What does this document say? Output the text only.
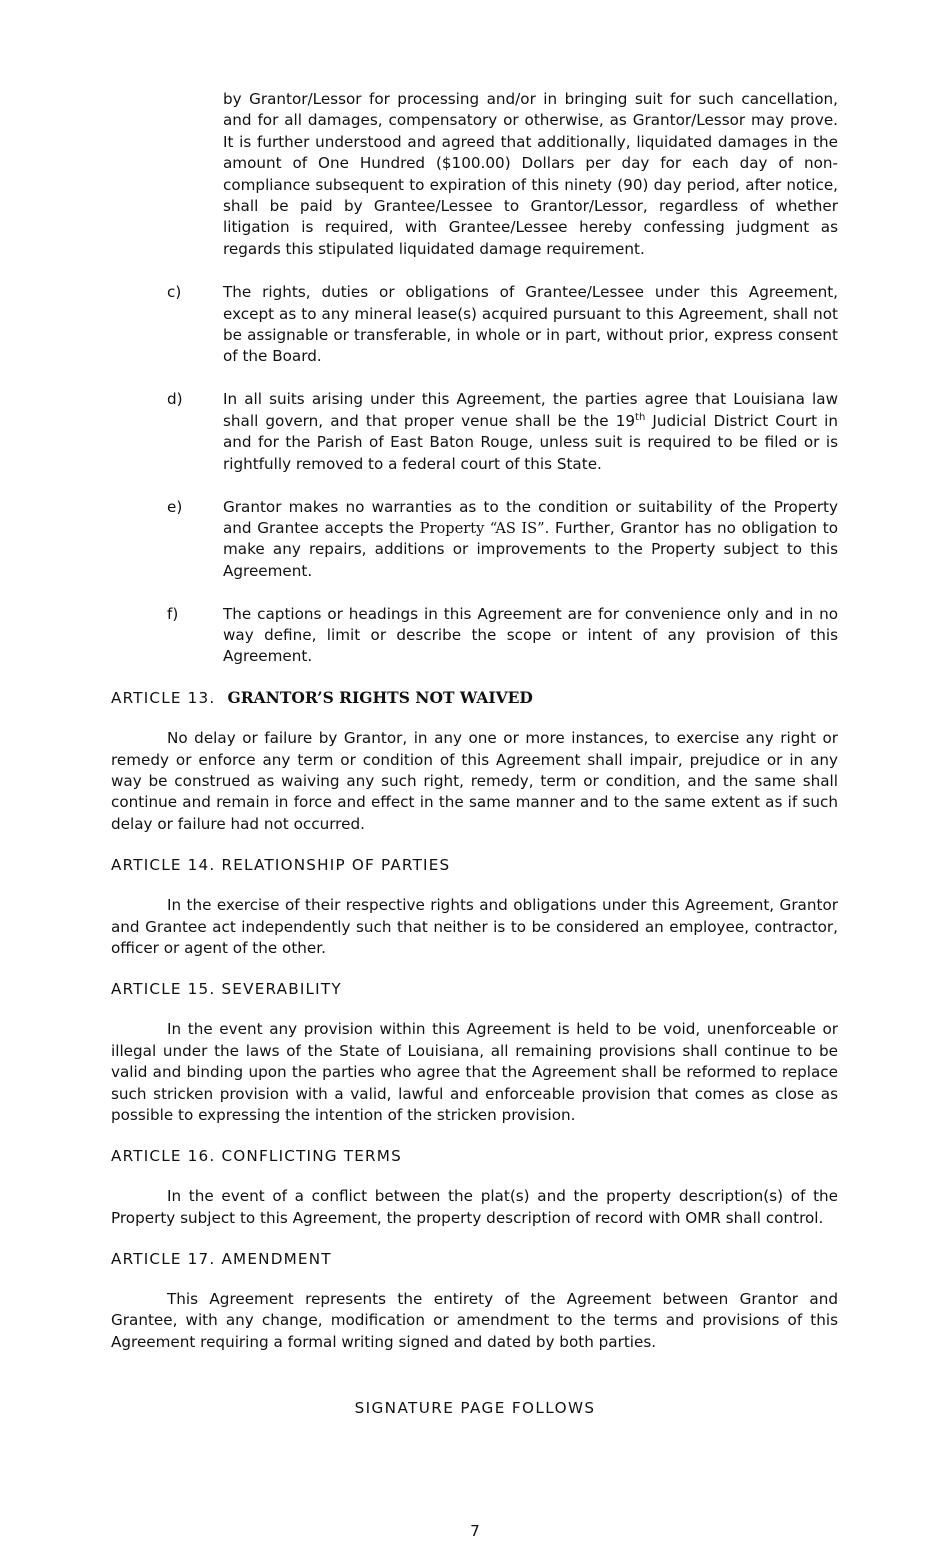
by Grantor/Lessor for processing and/or in bringing suit for such cancellation, and for all damages, compensatory or otherwise, as Grantor/Lessor may prove. It is further understood and agreed that additionally, liquidated damages in the amount of One Hundred ($100.00) Dollars per day for each day of non-compliance subsequent to expiration of this ninety (90) day period, after notice, shall be paid by Grantee/Lessee to Grantor/Lessor, regardless of whether litigation is required, with Grantee/Lessee hereby confessing judgment as regards this stipulated liquidated damage requirement.
c)	The rights, duties or obligations of Grantee/Lessee under this Agreement, except as to any mineral lease(s) acquired pursuant to this Agreement, shall not be assignable or transferable, in whole or in part, without prior, express consent of the Board.
d)	In all suits arising under this Agreement, the parties agree that Louisiana law shall govern, and that proper venue shall be the 19th Judicial District Court in and for the Parish of East Baton Rouge, unless suit is required to be filed or is rightfully removed to a federal court of this State.
e)	Grantor makes no warranties as to the condition or suitability of the Property and Grantee accepts the Property “AS IS”. Further, Grantor has no obligation to make any repairs, additions or improvements to the Property subject to this Agreement.
f)	The captions or headings in this Agreement are for convenience only and in no way define, limit or describe the scope or intent of any provision of this Agreement.
ARTICLE 13. GRANTOR’S RIGHTS NOT WAIVED
No delay or failure by Grantor, in any one or more instances, to exercise any right or remedy or enforce any term or condition of this Agreement shall impair, prejudice or in any way be construed as waiving any such right, remedy, term or condition, and the same shall continue and remain in force and effect in the same manner and to the same extent as if such delay or failure had not occurred.
ARTICLE 14. RELATIONSHIP OF PARTIES
In the exercise of their respective rights and obligations under this Agreement, Grantor and Grantee act independently such that neither is to be considered an employee, contractor, officer or agent of the other.
ARTICLE 15. SEVERABILITY
In the event any provision within this Agreement is held to be void, unenforceable or illegal under the laws of the State of Louisiana, all remaining provisions shall continue to be valid and binding upon the parties who agree that the Agreement shall be reformed to replace such stricken provision with a valid, lawful and enforceable provision that comes as close as possible to expressing the intention of the stricken provision.
ARTICLE 16. CONFLICTING TERMS
In the event of a conflict between the plat(s) and the property description(s) of the Property subject to this Agreement, the property description of record with OMR shall control.
ARTICLE 17. AMENDMENT
This Agreement represents the entirety of the Agreement between Grantor and Grantee, with any change, modification or amendment to the terms and provisions of this Agreement requiring a formal writing signed and dated by both parties.
SIGNATURE PAGE FOLLOWS
7
